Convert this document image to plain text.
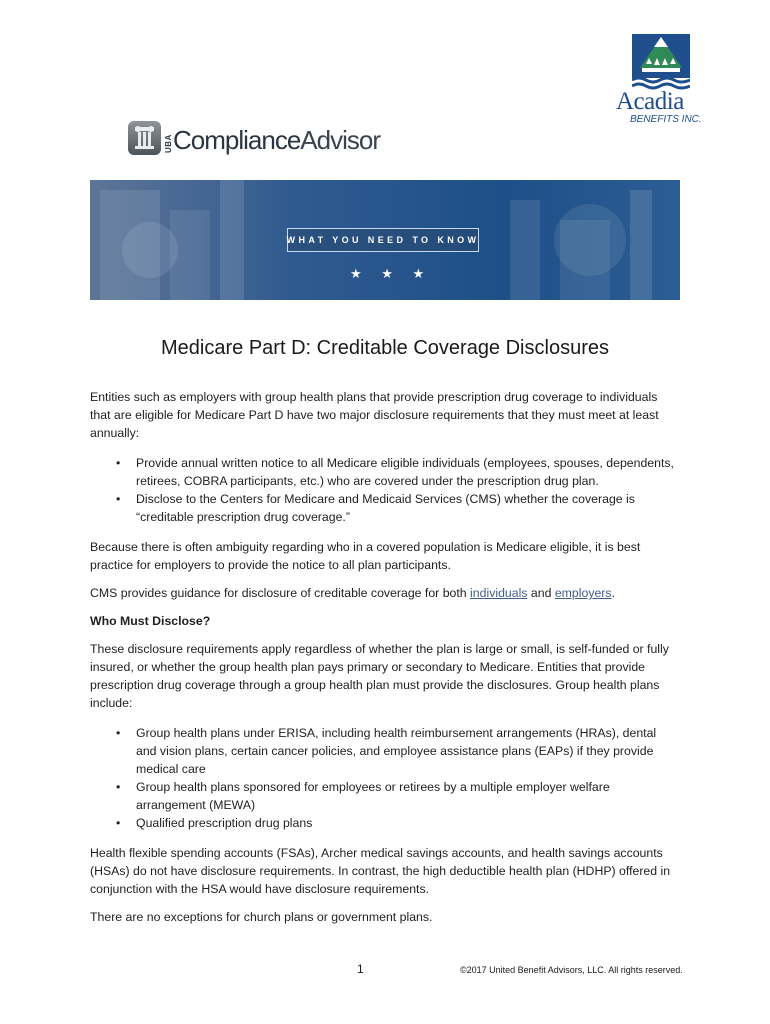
Acadia
BENEFITS INC.
UBA ComplianceAdvisor
WHAT YOU NEED TO KNOW
★ ★ ★
Medicare Part D: Creditable Coverage Disclosures

Entities such as employers with group health plans that provide prescription drug coverage to individuals that are eligible for Medicare Part D have two major disclosure requirements that they must meet at least annually:

• Provide annual written notice to all Medicare eligible individuals (employees, spouses, dependents, retirees, COBRA participants, etc.) who are covered under the prescription drug plan.
• Disclose to the Centers for Medicare and Medicaid Services (CMS) whether the coverage is “creditable prescription drug coverage.”

Because there is often ambiguity regarding who in a covered population is Medicare eligible, it is best practice for employers to provide the notice to all plan participants.

CMS provides guidance for disclosure of creditable coverage for both individuals and employers.

Who Must Disclose?

These disclosure requirements apply regardless of whether the plan is large or small, is self-funded or fully insured, or whether the group health plan pays primary or secondary to Medicare. Entities that provide prescription drug coverage through a group health plan must provide the disclosures. Group health plans include:

• Group health plans under ERISA, including health reimbursement arrangements (HRAs), dental and vision plans, certain cancer policies, and employee assistance plans (EAPs) if they provide medical care
• Group health plans sponsored for employees or retirees by a multiple employer welfare arrangement (MEWA)
• Qualified prescription drug plans

Health flexible spending accounts (FSAs), Archer medical savings accounts, and health savings accounts (HSAs) do not have disclosure requirements. In contrast, the high deductible health plan (HDHP) offered in conjunction with the HSA would have disclosure requirements.

There are no exceptions for church plans or government plans.

1	©2017 United Benefit Advisors, LLC. All rights reserved.
